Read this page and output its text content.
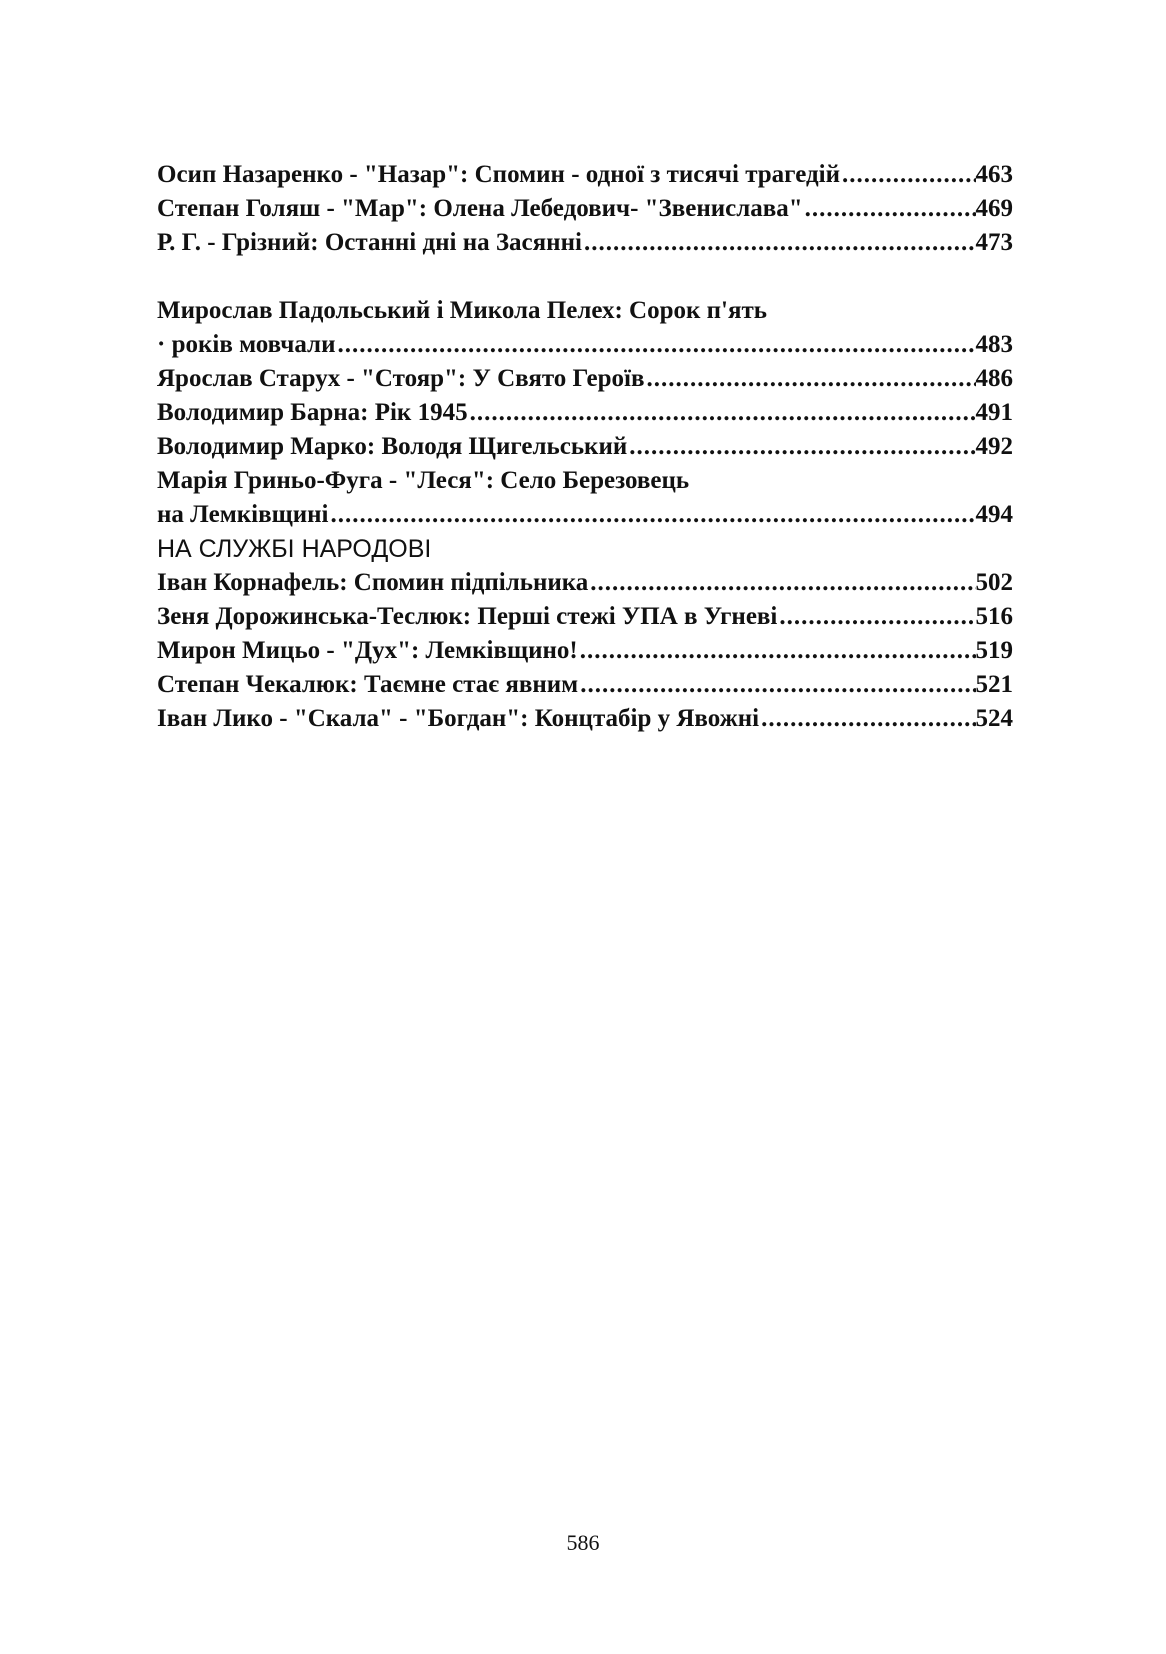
Осип Назаренко - "Назар": Спомин - одної з тисячі трагедій .....	463
Степан Голяш - "Мар": Олена Лебедович- "Звенислава" .....	469
Р. Г. - Грізний: Останні дні на Засянні .....	473
Мирослав Падольський і Микола Пелех: Сорок п'ять
· років мовчали .....	483
Ярослав Старух - "Стояр": У Свято Героїв .....	486
Володимир Барна: Рік 1945 .....	491
Володимир Марко: Володя Щигельський .....	492
Марія Гриньо-Фуга - "Леся": Село Березовець
на Лемківщині .....	494
НА СЛУЖБІ НАРОДОВІ
Іван Корнафель: Спомин підпільника .....	502
Зеня Дорожинська-Теслюк: Перші стежі УПА в Угневі .....	516
Мирон Мицьо - "Дух": Лемківщино! .....	519
Степан Чекалюк: Таємне стає явним .....	521
Іван Лико - "Скала" - "Богдан": Концтабір у Явожні .....	524
586
